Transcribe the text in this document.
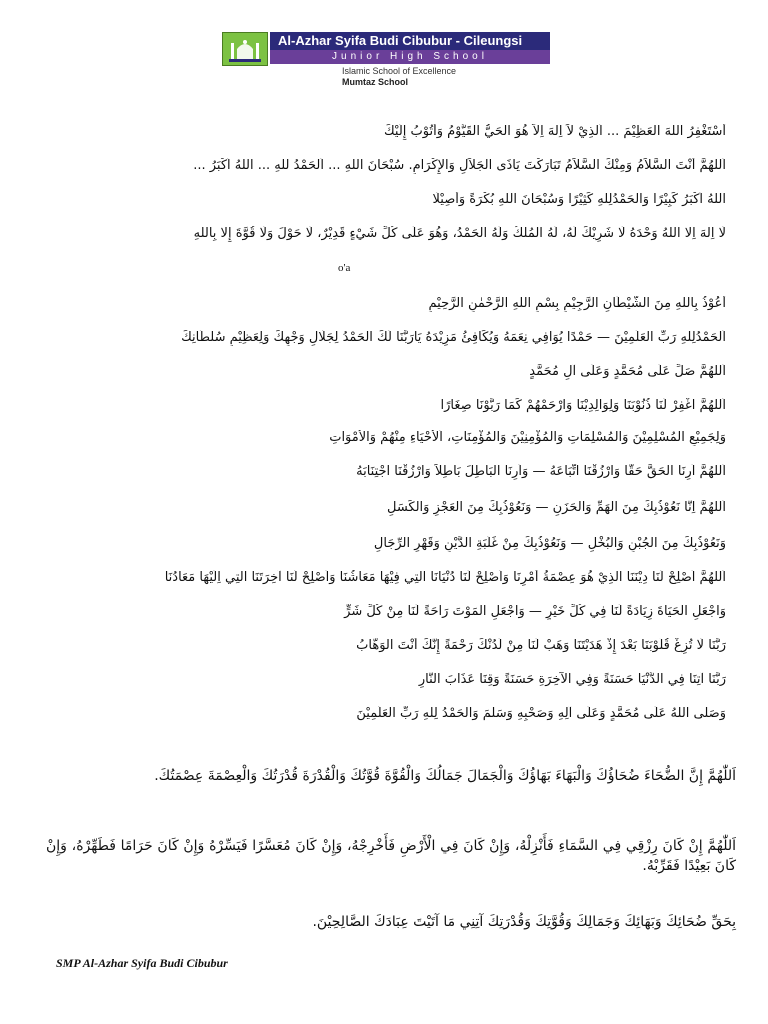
Al-Azhar Syifa Budi Cibubur - Cileungsi
Junior High School
Islamic School of Excellence
Mumtaz School
أَسْتَغْفِرُ اللهَ الْعَظِيْمَ ... اَلَّذِيْ لاَ اِلٰهَ اِلاَّ هُوَ الْحَيُّ الْقَيُّوْمُ وَأَتُوْبُ إِلَيْكَ
اَللّٰهُمَّ أَنْتَ السَّلاَمُ وَمِنْكَ السَّلاَمُ تَبَارَكْتَ يَاذَى الْجَلاَلِ وَالْإِكْرَامِ. سُبْحَانَ اللهِ ... اَلْحَمْدُ للهِ ... اللهُ اَكْبَرُ ...
اللهُ اَكْبَرُ كَبِيْرًا وَالْحَمْدُلِلّٰهِ كَثِيْرًا وَسُبْحَانَ اللهِ بُكْرَةً وَأَصِيْلًا
لَا اِلٰهَ اِلَّا اللهُ وَحْدَهُ لَا شَرِيْكَ لَهُ، لَهُ الْمُلْكُ وَلَهُ الْحَمْدُ، وَهُوَ عَلَى كُلِّ شَيْءٍ قَدِيْرٌ، لَا حَوْلَ وَلَا قُوَّةَ إِلَّا بِاللهِ
o'a
أَعُوْذُ بِاللهِ مِنَ الشَّيْطَانِ الرَّجِيْمِ بِسْمِ اللهِ الرَّحْمٰنِ الرَّحِيْمِ
اَلْحَمْدُلِلّٰهِ رَبِّ الْعَلَمِيْنَ — حَمْدًا يُوَافِي نِعَمَهُ وَيُكَافِئُ مَزِيْدَهُ يَارَبَّنَا لَكَ الْحَمْدُ لِجَلَالِ وَجْهِكَ وَلِعَظِيْمِ سُلْطَانِكَ
اَللّٰهُمَّ صَلِّ عَلَى مُحَمَّدٍ وَعَلَى آلِ مُحَمَّدٍ
اَللّٰهُمَّ اغْفِرْ لَنَا ذُنُوْبَنَا وَلِوَالِدِيْنَا وَارْحَمْهُمْ كَمَا رَبَّوْنَا صِغَارًا
وَلِجَمِيْعِ الْمُسْلِمِيْنَ وَالْمُسْلِمَاتِ وَالْمُؤْمِنِيْنَ وَالْمُؤْمِنَاتِ، اَلْأَحْيَاءِ مِنْهُمْ وَالْأَمْوَاتِ
اَللّٰهُمَّ اَرِنَا الْحَقَّ حَقًّا وَارْزُقْنَا اتِّبَاعَهُ — وَاَرِنَا الْبَاطِلَ بَاطِلاً وَارْزُقْنَا اجْتِنَابَهُ
اَللّٰهُمَّ اِنَّا نَعُوْذُبِكَ مِنَ الْهَمِّ وَالْحَزَنِ — وَنَعُوْذُبِكَ مِنَ الْعَجْزِ وَالْكَسَلِ
وَنَعُوْذُبِكَ مِنَ الْجُبْنِ وَالْبُخْلِ — وَنَعُوْذُبِكَ مِنْ غَلَبَةِ الدَّيْنِ وَقَهْرِ الرِّجَالِ
اَللّٰهُمَّ اَصْلِحْ لَنَا دِيْنَنَا الَّذِيْ هُوَ عِصْمَةُ أَمْرِنَا وَاَصْلِحْ لَنَا دُنْيَانَا الَّتِي فِيْهَا مَعَاشُنَا وَاَصْلِحْ لَنَا آخِرَتَنَا الَّتِي اِلَيْهَا مَعَادُنَا
وَاجْعَلِ الْحَيَاةَ زِيَادَةً لَنَا فِي كُلِّ خَيْرٍ — وَاجْعَلِ الْمَوْتَ رَاحَةً لَنَا مِنْ كُلِّ شَرٍّ
رَبَّنَا لَا تُزِغْ قُلُوْبَنَا بَعْدَ إِذْ هَدَيْتَنَا وَهَبْ لَنَا مِنْ لَدُنْكَ رَحْمَةً إِنَّكَ أَنْتَ الْوَهَّابُ
رَبَّنَا آتِنَا فِي الدُّنْيَا حَسَنَةً وَفِي الْآخِرَةِ حَسَنَةً وَقِنَا عَذَابَ النَّارِ
وَصَلَّى اللهُ عَلَى مُحَمَّدٍ وَعَلَى آلِهِ وَصَحْبِهِ وَسَلَّمَ وَالْحَمْدُ لِلّٰهِ رَبِّ الْعَلَمِيْنَ
اَللّٰهُمَّ إِنَّ الضُّحَاءَ ضُحَاؤُكَ وَالْبَهَاءَ بَهَاؤُكَ وَالْجَمَالَ جَمَالُكَ وَالْقُوَّةَ قُوَّتُكَ وَالْقُدْرَةَ قُدْرَتُكَ وَالْعِصْمَةَ عِصْمَتُكَ.
اَللّٰهُمَّ إِنْ كَانَ رِزْقِي فِي السَّمَاءِ فَأَنْزِلْهُ، وَإِنْ كَانَ فِي الْأَرْضِ فَأَخْرِجْهُ، وَإِنْ كَانَ مُعَسَّرًا فَيَسِّرْهُ وَإِنْ كَانَ حَرَامًا فَطَهِّرْهُ، وَإِنْ كَانَ بَعِيْدًا فَقَرِّبْهُ.
بِحَقِّ ضُحَائِكَ وَبَهَائِكَ وَجَمَالِكَ وَقُوَّتِكَ وَقُدْرَتِكَ آتِنِي مَا آتَيْتَ عِبَادَكَ الصَّالِحِيْنَ.
SMP Al-Azhar Syifa Budi Cibubur
